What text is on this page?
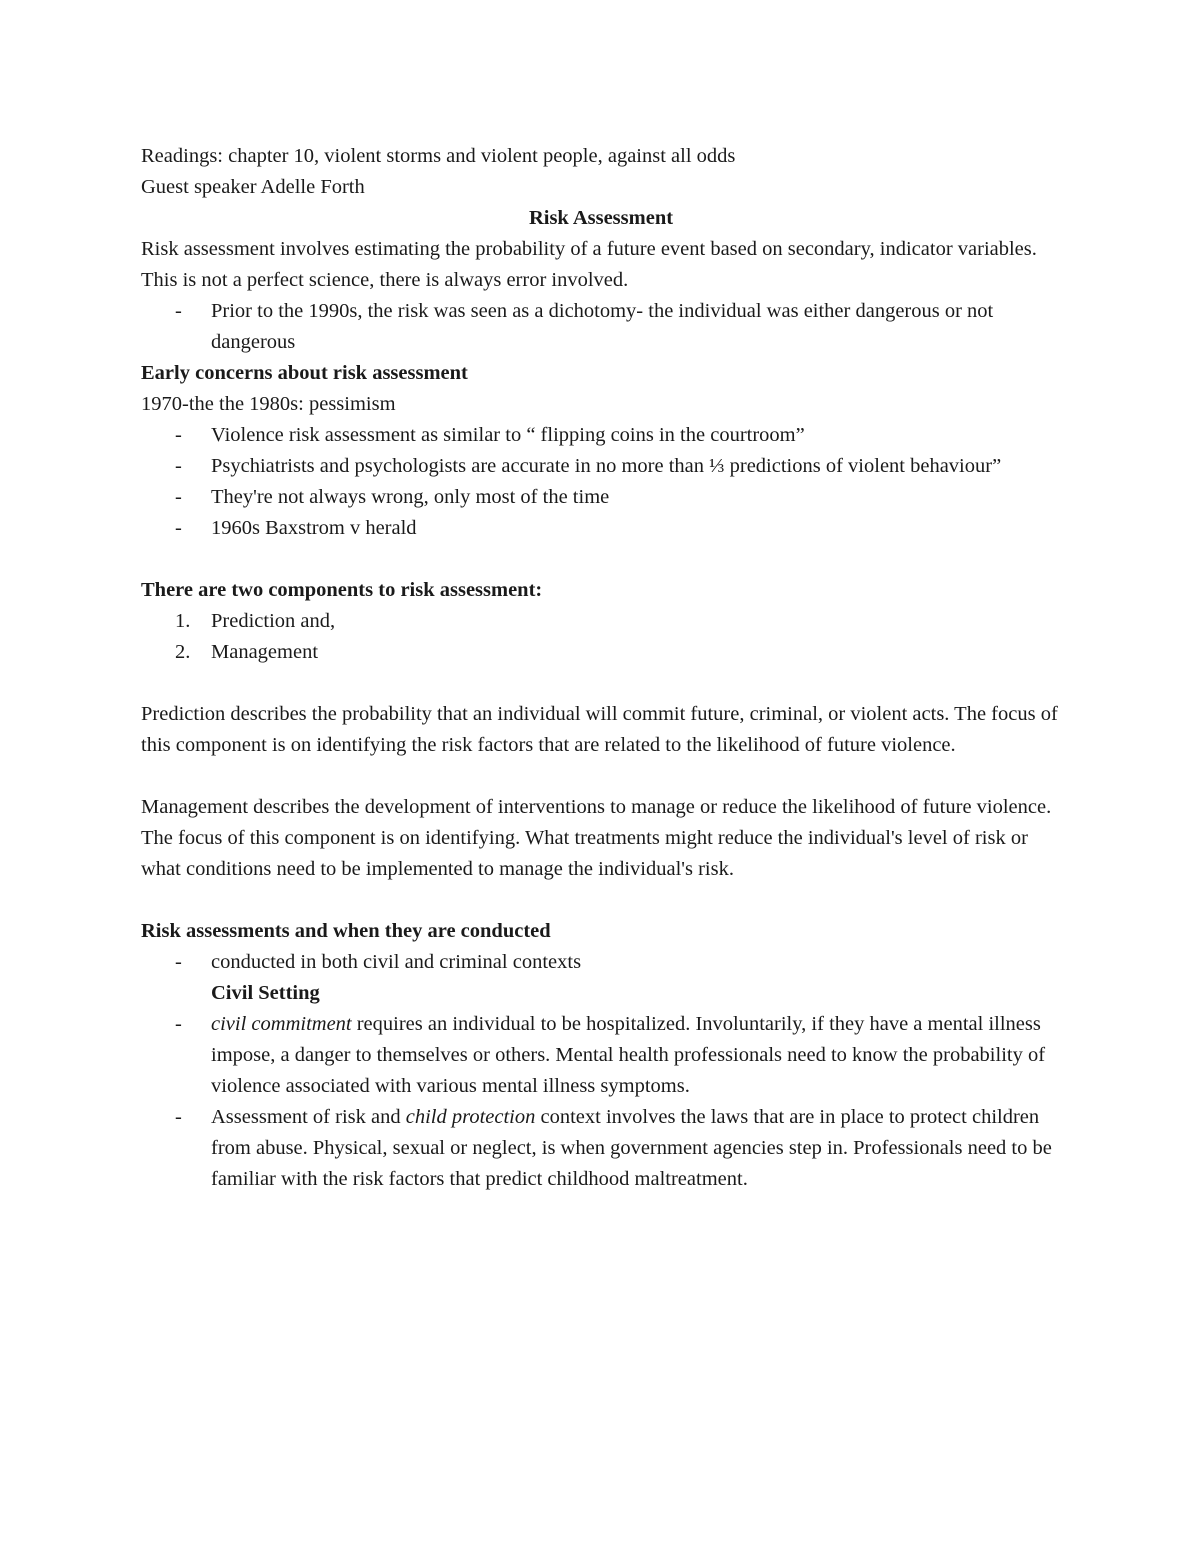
Readings: chapter 10, violent storms and violent people, against all odds

Guest speaker Adelle Forth

Risk Assessment

Risk assessment involves estimating the probability of a future event based on secondary, indicator variables. This is not a perfect science, there is always error involved.

- Prior to the 1990s, the risk was seen as a dichotomy- the individual was either dangerous or not dangerous

Early concerns about risk assessment

1970-the the 1980s: pessimism

- Violence risk assessment as similar to “ flipping coins in the courtroom”
- Psychiatrists and psychologists are accurate in no more than ⅓ predictions of violent behaviour”
- They're not always wrong, only most of the time
- 1960s Baxstrom v herald

There are two components to risk assessment:

1. Prediction and,
2. Management

Prediction describes the probability that an individual will commit future, criminal, or violent acts. The focus of this component is on identifying the risk factors that are related to the likelihood of future violence.

Management describes the development of interventions to manage or reduce the likelihood of future violence. The focus of this component is on identifying. What treatments might reduce the individual's level of risk or what conditions need to be implemented to manage the individual's risk.

Risk assessments and when they are conducted

- conducted in both civil and criminal contexts

Civil Setting

- civil commitment requires an individual to be hospitalized. Involuntarily, if they have a mental illness impose, a danger to themselves or others. Mental health professionals need to know the probability of violence associated with various mental illness symptoms.
- Assessment of risk and child protection context involves the laws that are in place to protect children from abuse. Physical, sexual or neglect, is when government agencies step in. Professionals need to be familiar with the risk factors that predict childhood maltreatment.
